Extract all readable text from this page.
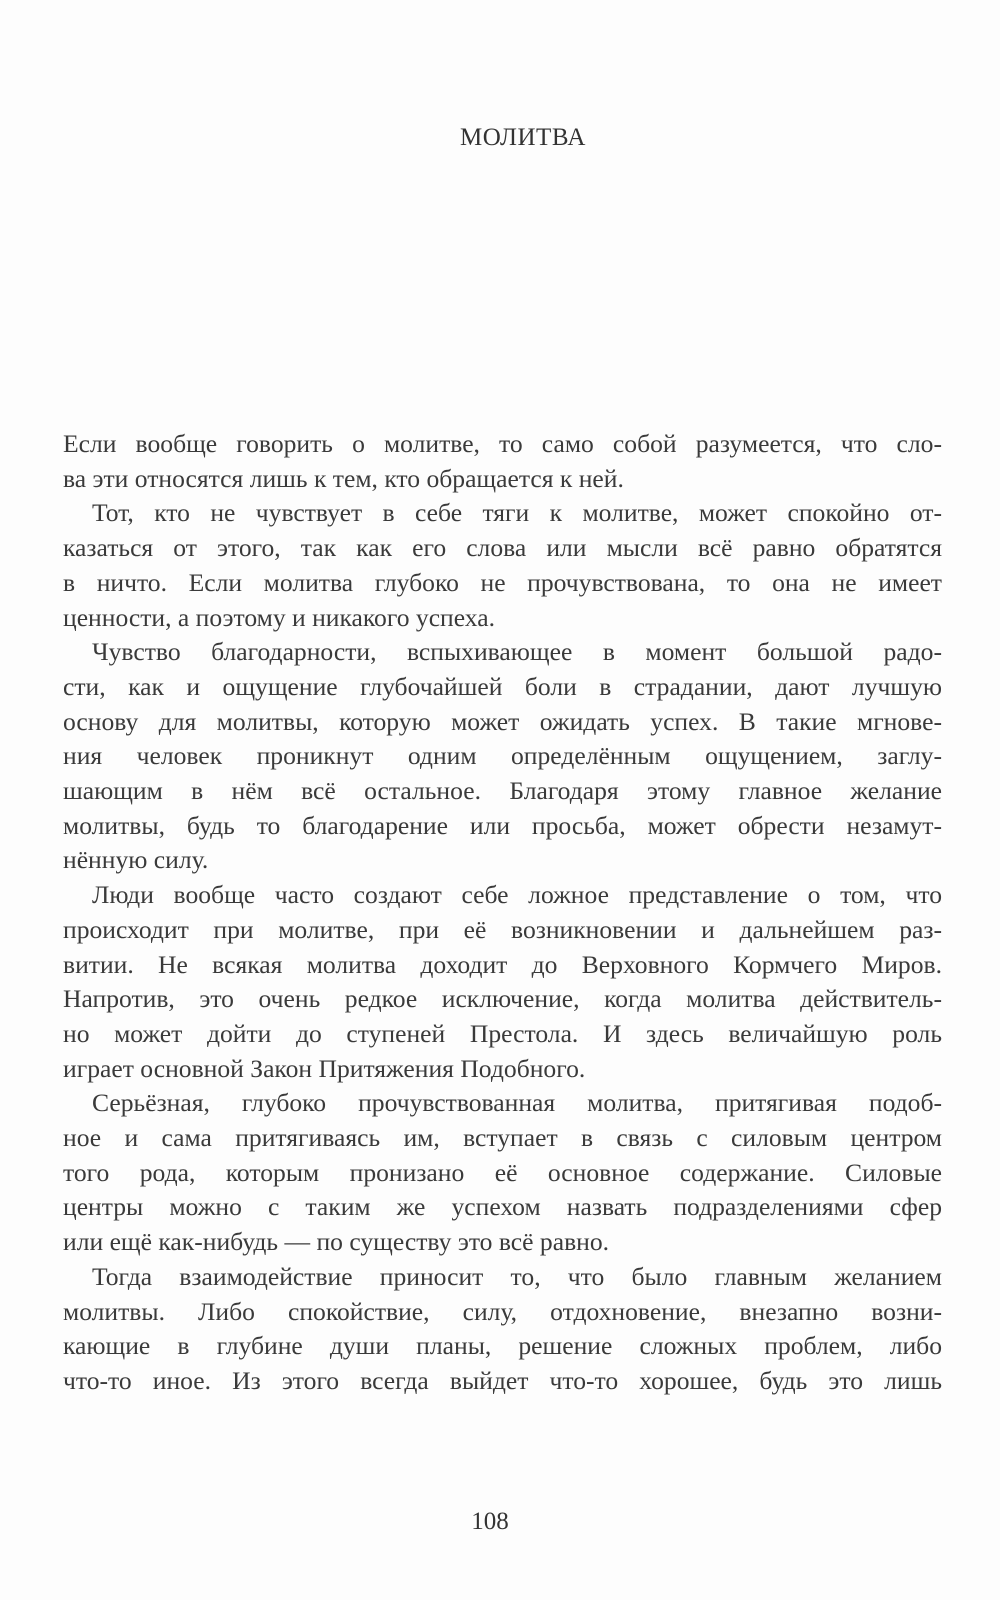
МОЛИТВА
Если вообще говорить о молитве, то само собой разумеется, что сло-
ва эти относятся лишь к тем, кто обращается к ней.
Тот, кто не чувствует в себе тяги к молитве, может спокойно от-
казаться от этого, так как его слова или мысли всё равно обратятся
в ничто. Если молитва глубоко не прочувствована, то она не имеет
ценности, а поэтому и никакого успеха.
Чувство благодарности, вспыхивающее в момент большой радо-
сти, как и ощущение глубочайшей боли в страдании, дают лучшую
основу для молитвы, которую может ожидать успех. В такие мгнове-
ния человек проникнут одним определённым ощущением, заглу-
шающим в нём всё остальное. Благодаря этому главное желание
молитвы, будь то благодарение или просьба, может обрести незамут-
нённую силу.
Люди вообще часто создают себе ложное представление о том, что
происходит при молитве, при её возникновении и дальнейшем раз-
витии. Не всякая молитва доходит до Верховного Кормчего Миров.
Напротив, это очень редкое исключение, когда молитва действитель-
но может дойти до ступеней Престола. И здесь величайшую роль
играет основной Закон Притяжения Подобного.
Серьёзная, глубоко прочувствованная молитва, притягивая подоб-
ное и сама притягиваясь им, вступает в связь с силовым центром
того рода, которым пронизано её основное содержание. Силовые
центры можно с таким же успехом назвать подразделениями сфер
или ещё как-нибудь — по существу это всё равно.
Тогда взаимодействие приносит то, что было главным желанием
молитвы. Либо спокойствие, силу, отдохновение, внезапно возни-
кающие в глубине души планы, решение сложных проблем, либо
что-то иное. Из этого всегда выйдет что-то хорошее, будь это лишь
108
